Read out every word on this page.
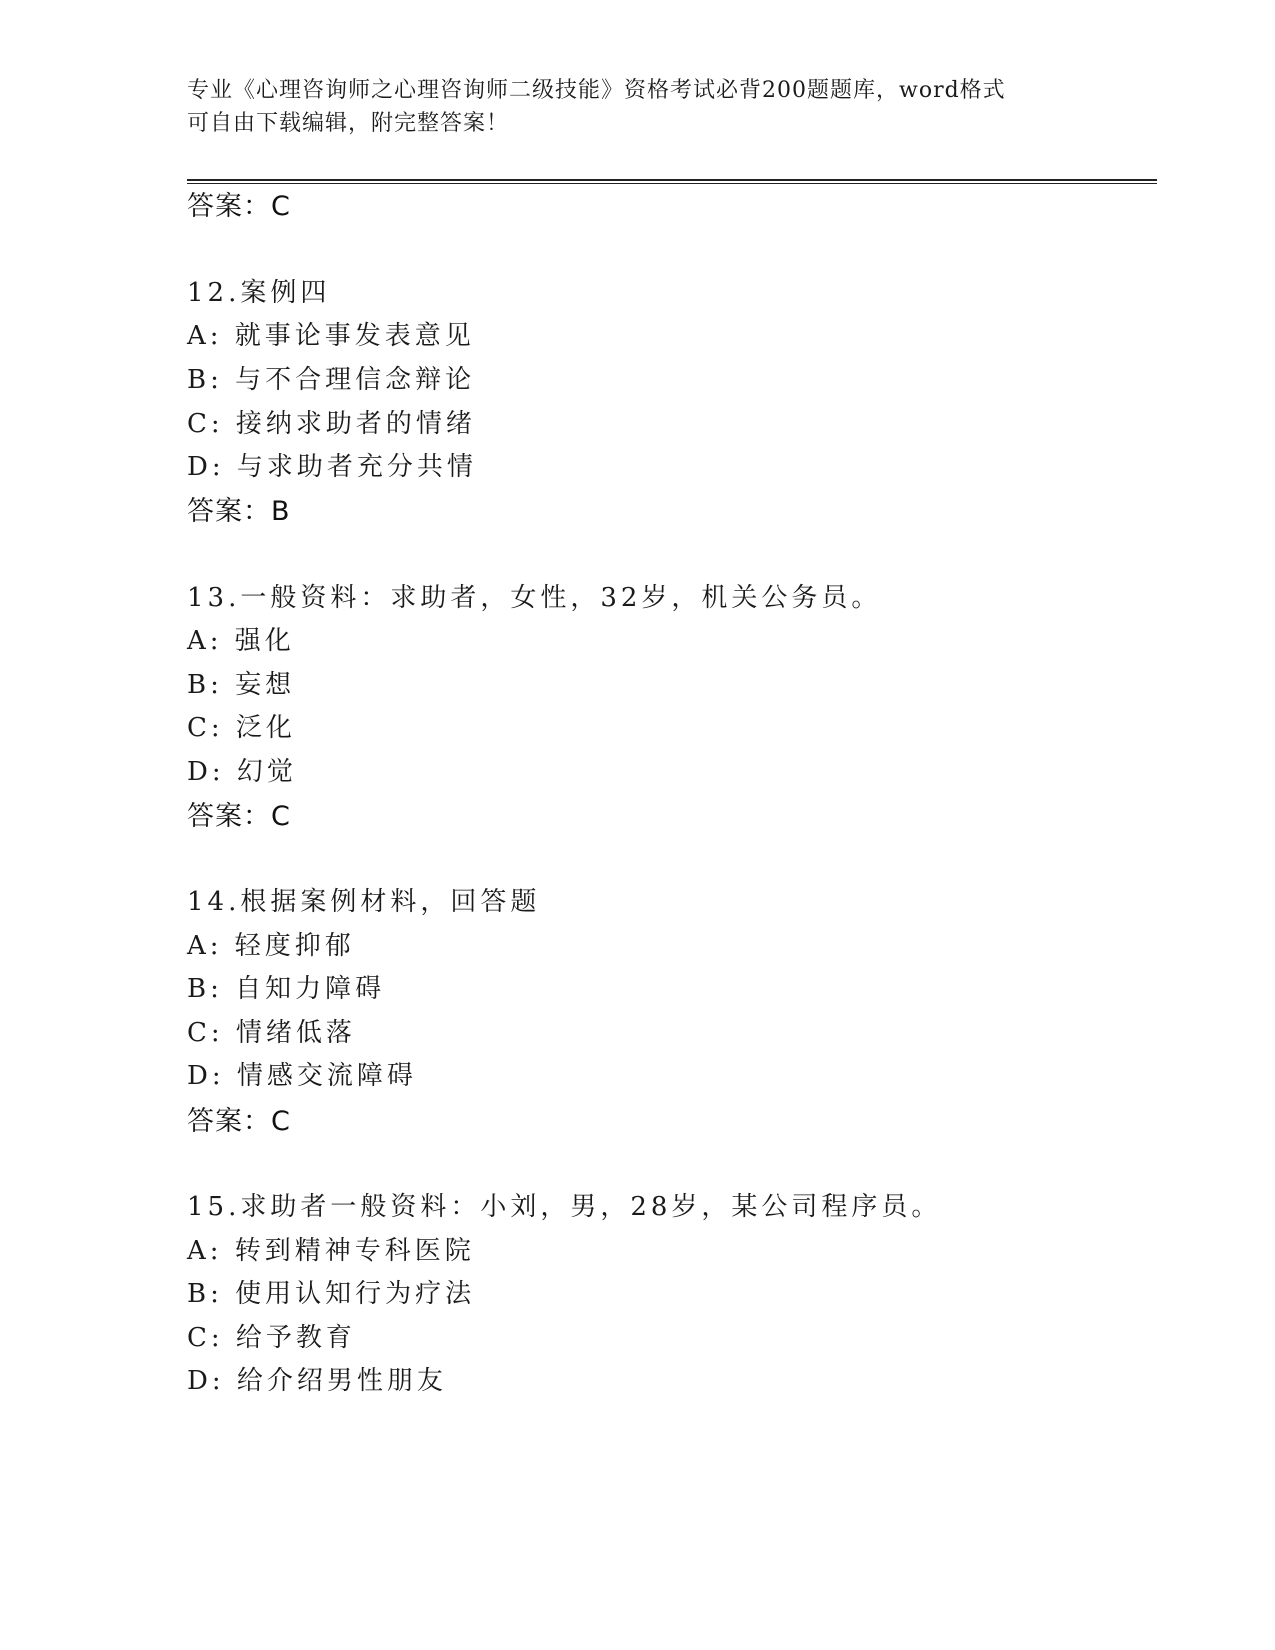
专业《心理咨询师之心理咨询师二级技能》资格考试必背200题题库，word格式
可自由下载编辑，附完整答案！
答案：C
12.案例四
A: 就事论事发表意见
B: 与不合理信念辩论
C: 接纳求助者的情绪
D: 与求助者充分共情
答案：B
13.一般资料：求助者，女性，32岁，机关公务员。
A: 强化
B: 妄想
C: 泛化
D: 幻觉
答案：C
14.根据案例材料，回答题
A: 轻度抑郁
B: 自知力障碍
C: 情绪低落
D: 情感交流障碍
答案：C
15.求助者一般资料：小刘，男，28岁，某公司程序员。
A: 转到精神专科医院
B: 使用认知行为疗法
C: 给予教育
D: 给介绍男性朋友
